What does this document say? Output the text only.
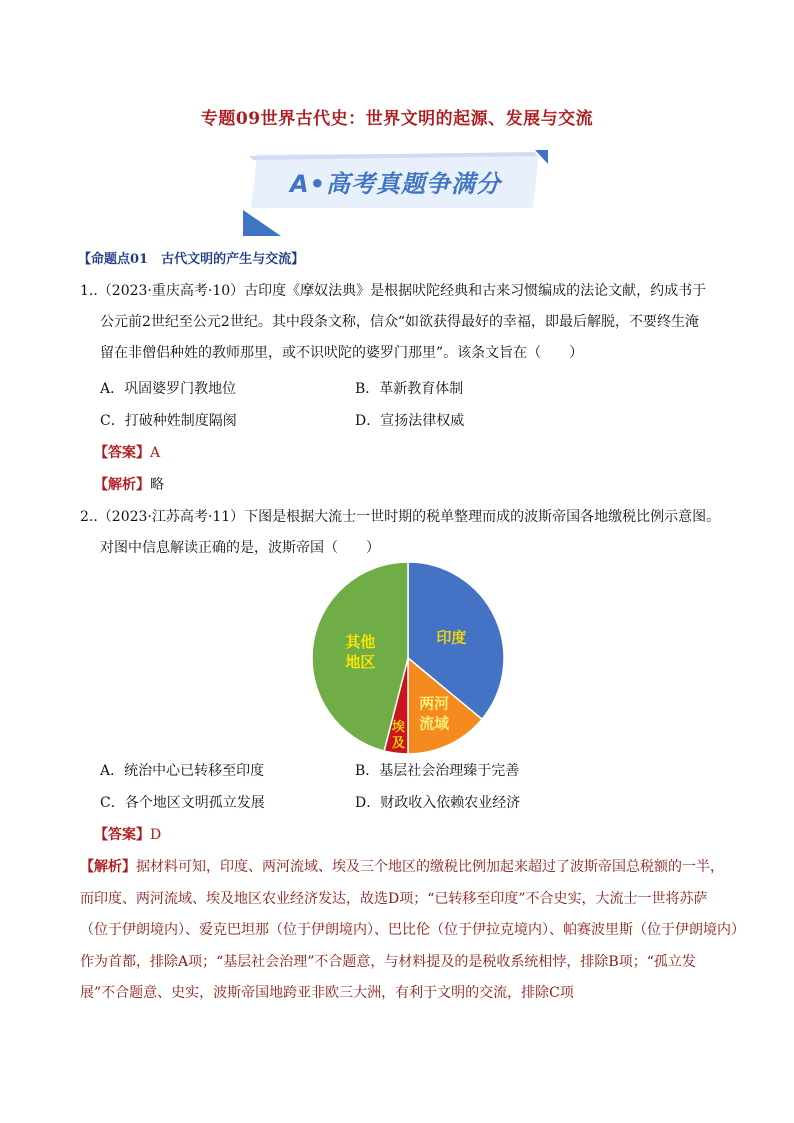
专题09世界古代史：世界文明的起源、发展与交流
A•高考真题争满分
【命题点01　古代文明的产生与交流】

1..（2023·重庆高考·10）古印度《摩奴法典》是根据吠陀经典和古来习惯编成的法论文献，约成书于

公元前2世纪至公元2世纪。其中段条文称，信众“如欲获得最好的幸福，即最后解脱，不要终生淹

留在非僧侣种姓的教师那里，或不识吠陀的婆罗门那里”。该条文旨在（　　）

A．巩固婆罗门教地位	B．革新教育体制
C．打破种姓制度隔阂	D．宣扬法律权威
【答案】A
【解析】略

2..（2023·江苏高考·11）下图是根据大流士一世时期的税单整理而成的波斯帝国各地缴税比例示意图。

对图中信息解读正确的是，波斯帝国（　　）

印度
两河流域
埃及
其他地区
A．统治中心已转移至印度	B．基层社会治理臻于完善
C．各个地区文明孤立发展	D．财政收入依赖农业经济
【答案】D

【解析】据材料可知，印度、两河流域、埃及三个地区的缴税比例加起来超过了波斯帝国总税额的一半，

而印度、两河流域、埃及地区农业经济发达，故选D项；“已转移至印度”不合史实，大流士一世将苏萨

（位于伊朗境内）、爱克巴坦那（位于伊朗境内）、巴比伦（位于伊拉克境内）、帕赛波里斯（位于伊朗境内）

作为首都，排除A项；“基层社会治理”不合题意，与材料提及的是税收系统相悖，排除B项；“孤立发

展”不合题意、史实，波斯帝国地跨亚非欧三大洲，有利于文明的交流，排除C项
